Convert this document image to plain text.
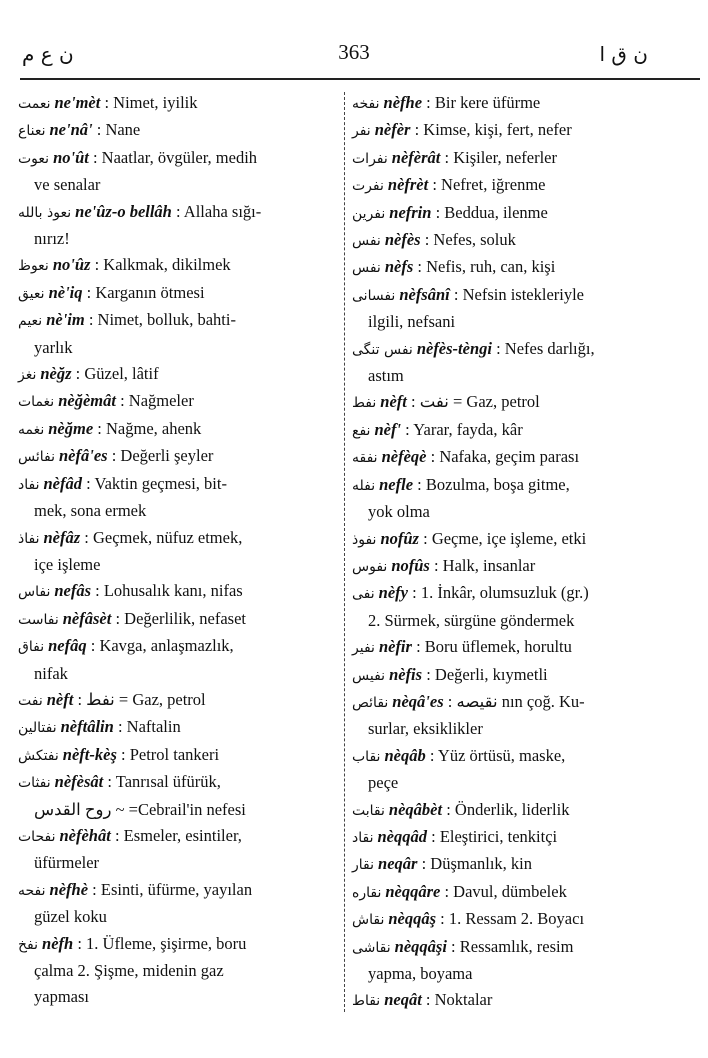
ن ع م	363	ن ق ا
نعمت ne'mèt : Nimet, iyilik
نعناع ne'nâ' : Nane
نعوت no'ût : Naatlar, övgüler, medih
ve senalar
نعوذ بالله ne'ûz-o bellâh : Allaha sığı-
nırız!
نعوظ no'ûz : Kalkmak, dikilmek
نعيق nè'iq : Karganın ötmesi
نعيم nè'im : Nimet, bolluk, bahti-
yarlık
نغز nèğz : Güzel, lâtif
نغمات nèğèmât : Nağmeler
نغمه nèğme : Nağme, ahenk
نفائس nèfâ'es : Değerli şeyler
نفاد nèfâd : Vaktin geçmesi, bit-
mek, sona ermek
نفاذ nèfâz : Geçmek, nüfuz etmek,
içe işleme
نفاس nefâs : Lohusalık kanı, nifas
نفاست nèfâsèt : Değerlilik, nefaset
نفاق nefâq : Kavga, anlaşmazlık,
nifak
نفت nèft : نفط = Gaz, petrol
نفتالين nèftâlin : Naftalin
نفتكش nèft-kèş : Petrol tankeri
نفثات nèfèsât : Tanrısal üfürük,
روح القدس ~ =Cebrail'in nefesi
نفحات nèfèhât : Esmeler, esintiler,
üfürmeler
نفحه nèfhè : Esinti, üfürme, yayılan
güzel koku
نفخ nèfh : 1. Üfleme, şişirme, boru
çalma 2. Şişme, midenin gaz
yapması
نفخه nèfhe : Bir kere üfürme
نفر nèfèr : Kimse, kişi, fert, nefer
نفرات nèfèrât : Kişiler, neferler
نفرت nèfrèt : Nefret, iğrenme
نفرين nefrin : Beddua, ilenme
نفس nèfès : Nefes, soluk
نفس nèfs : Nefis, ruh, can, kişi
نفسانى nèfsânî : Nefsin istekleriyle
ilgili, nefsani
نفس تنگى nèfès-tèngi : Nefes darlığı,
astım
نفط nèft : نفت = Gaz, petrol
نفع nèf' : Yarar, fayda, kâr
نفقه nèfèqè : Nafaka, geçim parası
نفله nefle : Bozulma, boşa gitme,
yok olma
نفوذ nofûz : Geçme, içe işleme, etki
نفوس nofûs : Halk, insanlar
نفى nèfy : 1. İnkâr, olumsuzluk (gr.)
2. Sürmek, sürgüne göndermek
نفير nèfir : Boru üflemek, horultu
نفيس nèfis : Değerli, kıymetli
نقائص nèqâ'es : نقيصه nın çoğ. Ku-
surlar, eksiklikler
نقاب nèqâb : Yüz örtüsü, maske,
peçe
نقابت nèqâbèt : Önderlik, liderlik
نقاد nèqqâd : Eleştirici, tenkitçi
نقار neqâr : Düşmanlık, kin
نقاره nèqqâre : Davul, dümbelek
نقاش nèqqâş : 1. Ressam 2. Boyacı
نقاشى nèqqâşi : Ressamlık, resim
yapma, boyama
نقاط neqât : Noktalar
